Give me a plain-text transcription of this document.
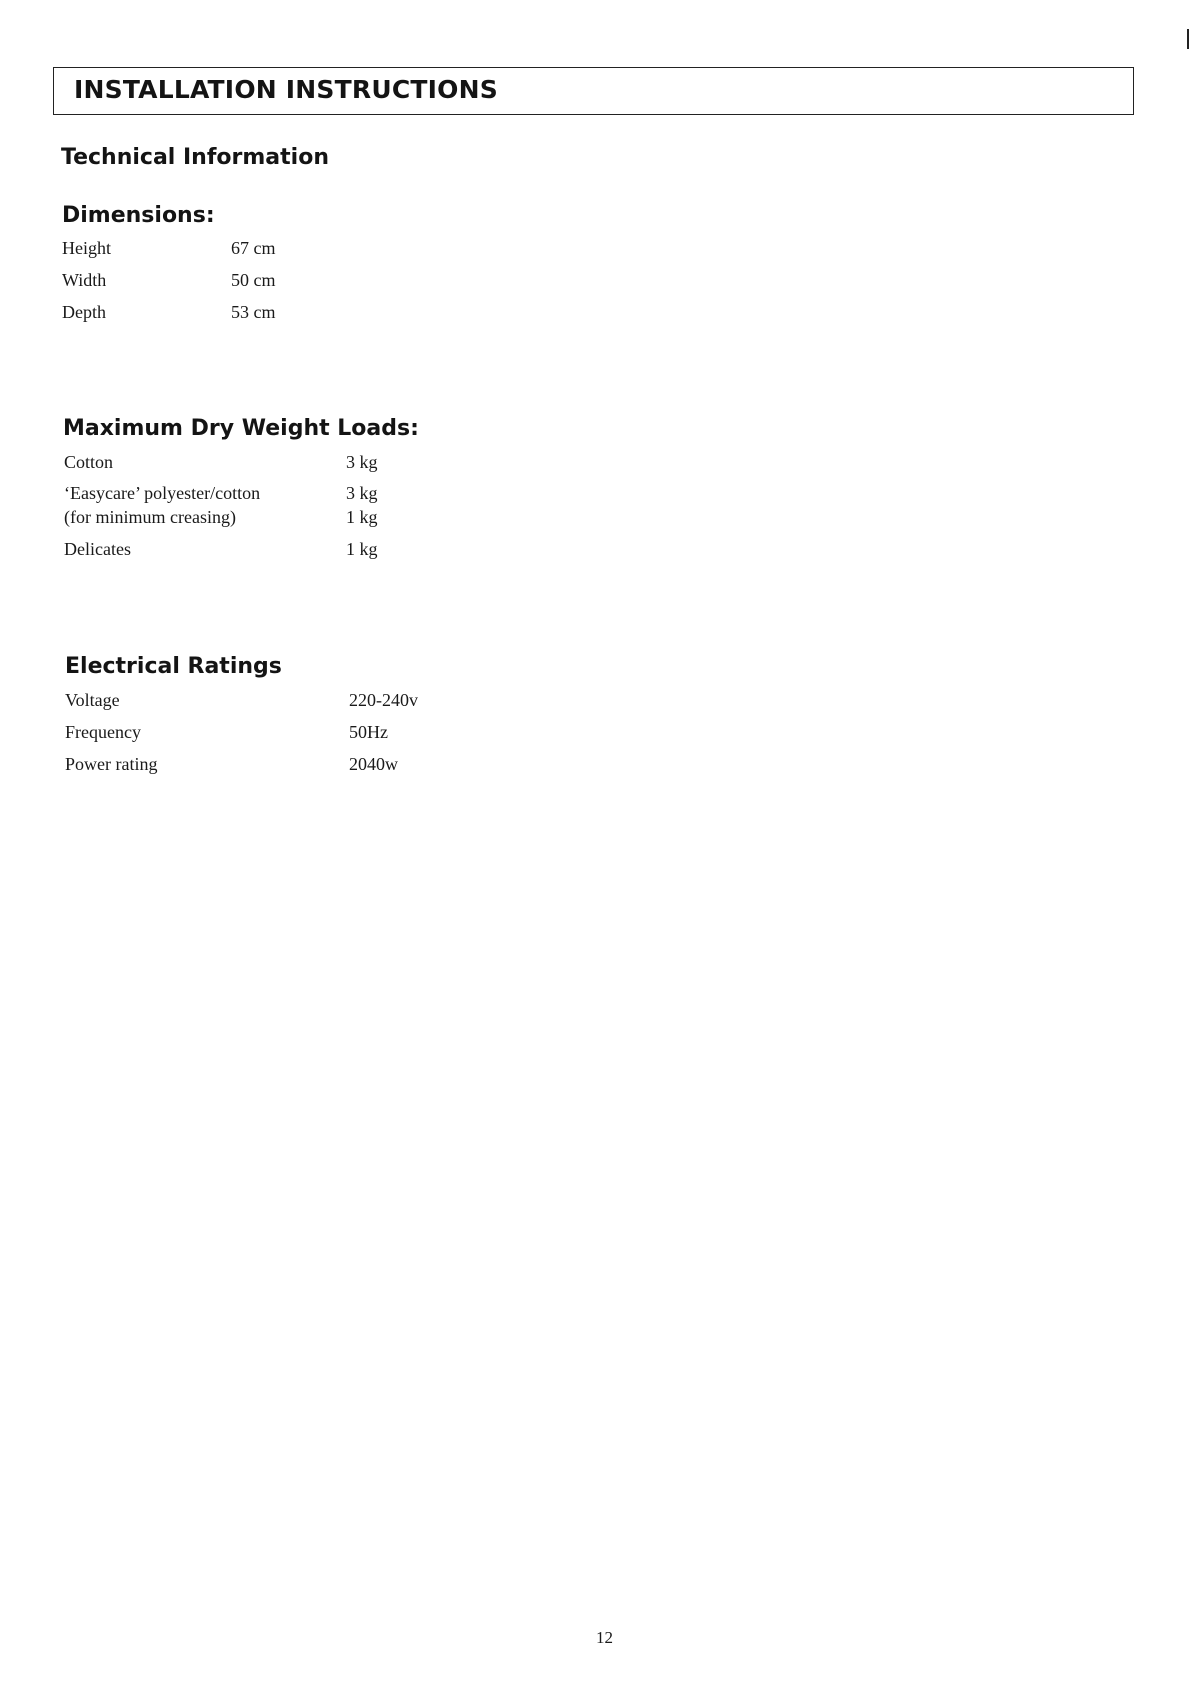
INSTALLATION INSTRUCTIONS
Technical Information
Dimensions:
Height	67 cm
Width	50 cm
Depth	53 cm
Maximum Dry Weight Loads:
Cotton	3 kg
‘Easycare’ polyester/cotton	3 kg
(for minimum creasing)	1 kg
Delicates	1 kg
Electrical Ratings
Voltage	220-240v
Frequency	50Hz
Power rating	2040w
12
